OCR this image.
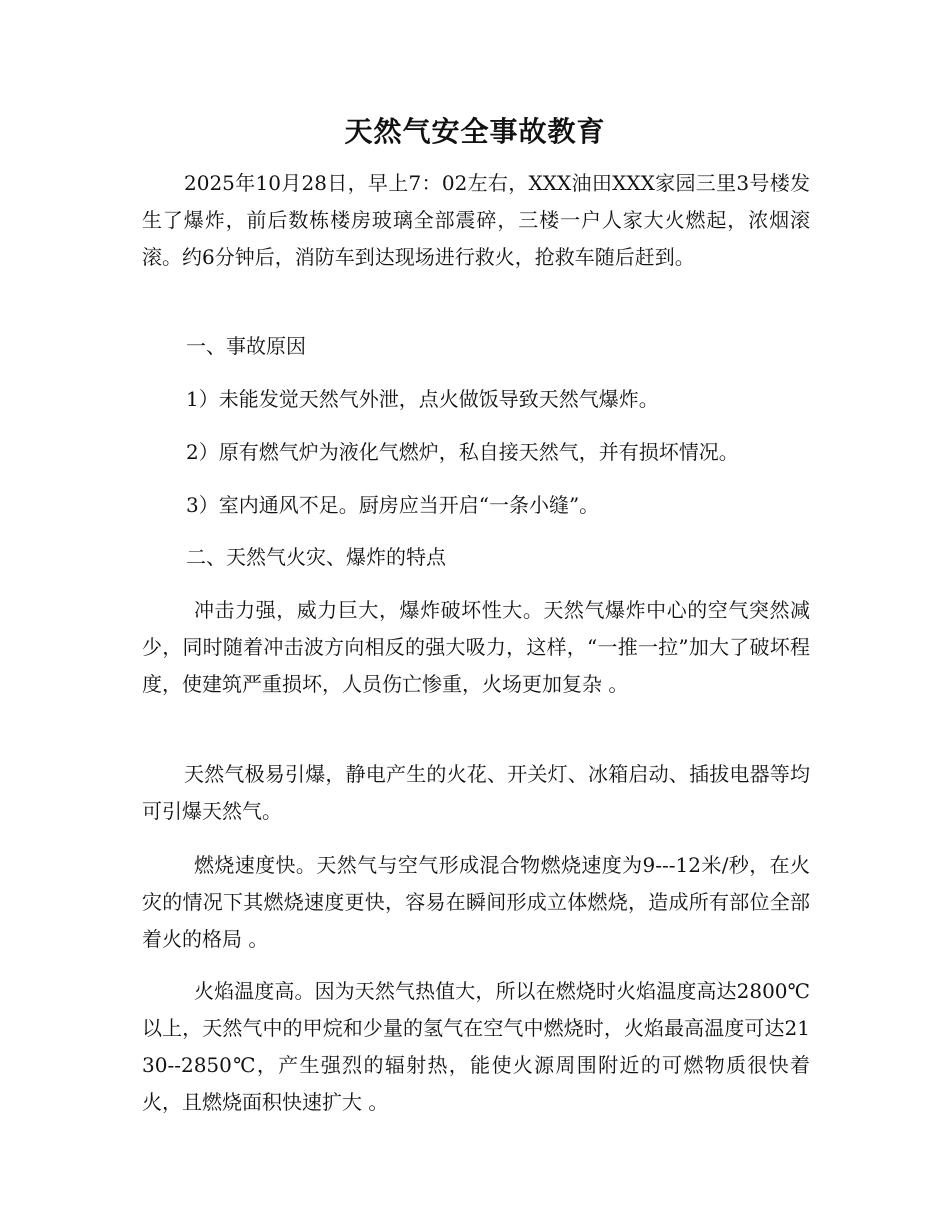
天然气安全事故教育

2025年10月28日，早上7：02左右，XXX油田XXX家园三里3号楼发生了爆炸，前后数栋楼房玻璃全部震碎，三楼一户人家大火燃起，浓烟滚滚。约6分钟后，消防车到达现场进行救火，抢救车随后赶到。

一、事故原因

1）未能发觉天然气外泄，点火做饭导致天然气爆炸。

2）原有燃气炉为液化气燃炉，私自接天然气，并有损坏情况。

3）室内通风不足。厨房应当开启“一条小缝”。

二、天然气火灾、爆炸的特点

冲击力强，威力巨大，爆炸破坏性大。天然气爆炸中心的空气突然减少，同时随着冲击波方向相反的强大吸力，这样，“一推一拉”加大了破坏程度，使建筑严重损坏，人员伤亡惨重，火场更加复杂 。

天然气极易引爆，静电产生的火花、开关灯、冰箱启动、插拔电器等均可引爆天然气。

燃烧速度快。天然气与空气形成混合物燃烧速度为9---12米/秒，在火灾的情况下其燃烧速度更快，容易在瞬间形成立体燃烧，造成所有部位全部着火的格局 。

火焰温度高。因为天然气热值大，所以在燃烧时火焰温度高达2800℃以上，天然气中的甲烷和少量的氢气在空气中燃烧时，火焰最高温度可达2130--2850℃，产生强烈的辐射热，能使火源周围附近的可燃物质很快着火，且燃烧面积快速扩大 。
